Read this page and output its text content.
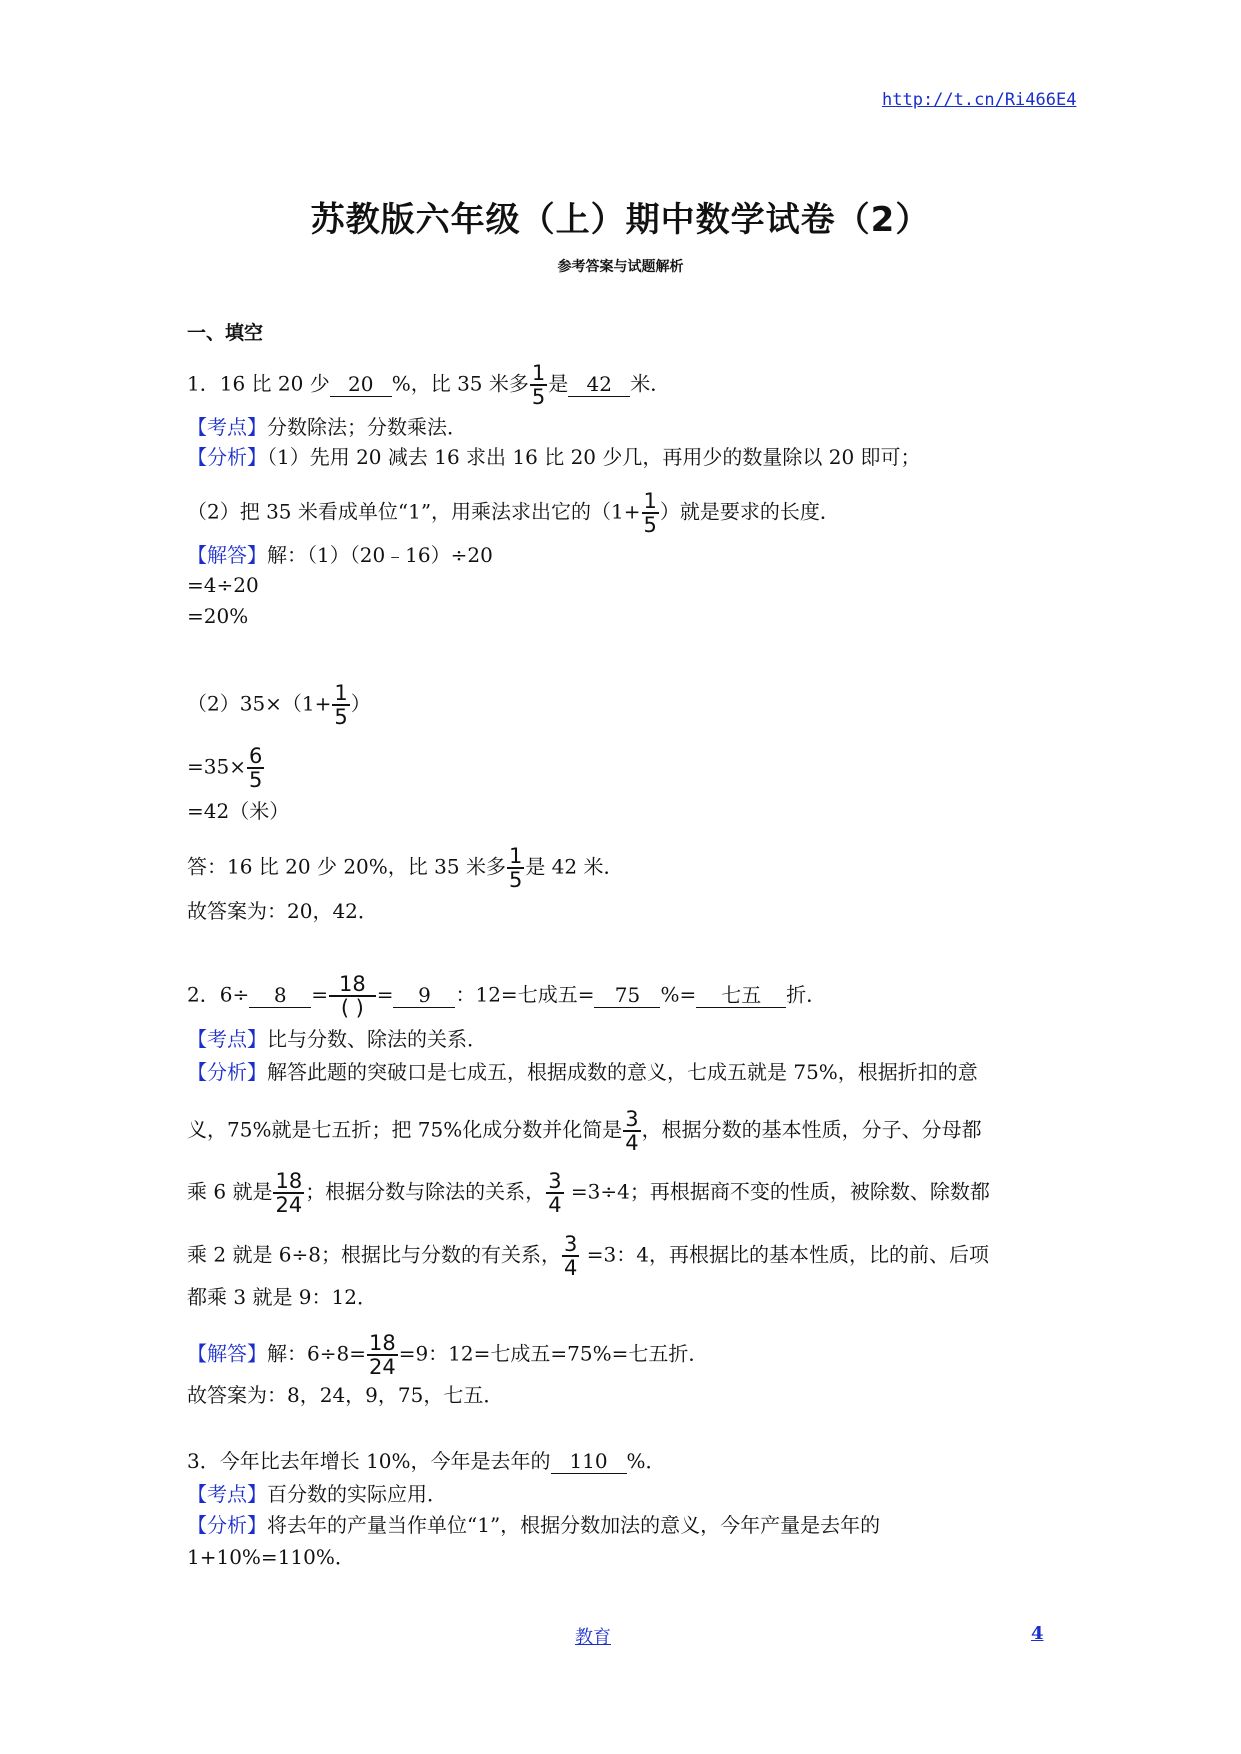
http://t.cn/Ri466E4
苏教版六年级（上）期中数学试卷（2）
参考答案与试题解析
一、填空
1．16 比 20 少 20 %，比 35 米多 $\frac{1}{5}$ 是 42 米．
【考点】分数除法；分数乘法．
【分析】（1）先用 20 减去 16 求出 16 比 20 少几，再用少的数量除以 20 即可；
（2）把 35 米看成单位“1”，用乘法求出它的（$1+ \frac{1}{5}$ ）就是要求的长度．
【解答】解：（1）（20﹣16）÷20
=4÷20
=20%
$(2)35\times(1+ \frac{1}{5}$ ）
$=35\times \frac{6}{5}$
=42（米）
答：16 比 20 少 20%，比 35 米多 $\frac{1}{5}$ 是 42 米．
故答案为：20，42．
2．$6\div 8 = \frac{18}{( )} = 9$ ：12=七成五= 75 %= 七五 折．
【考点】比与分数、除法的关系．
【分析】解答此题的突破口是七成五，根据成数的意义，七成五就是 75%，根据折扣的意
义，75%就是七五折；把 75%化成分数并化简是 $\frac{3}{4}$ ，根据分数的基本性质，分子、分母都
乘 6 就是 $\frac{18}{24}$ ；根据分数与除法的关系， $\frac{3}{4} =3\div 4$；再根据商不变的性质，被除数、除数都
乘 2 就是 6÷8；根据比与分数的有关系， $\frac{3}{4} =3$：4，再根据比的基本性质，比的前、后项
都乘 3 就是 9：12．
【解答】解：$6\div 8= \frac{18}{24} =9$：12=七成五=75%=七五折．
故答案为：8，24，9，75，七五．
3．今年比去年增长 10%，今年是去年的 110 %．
【考点】百分数的实际应用．
【分析】将去年的产量当作单位“1”，根据分数加法的意义，今年产量是去年的
1+10%=110%．
教育	4
